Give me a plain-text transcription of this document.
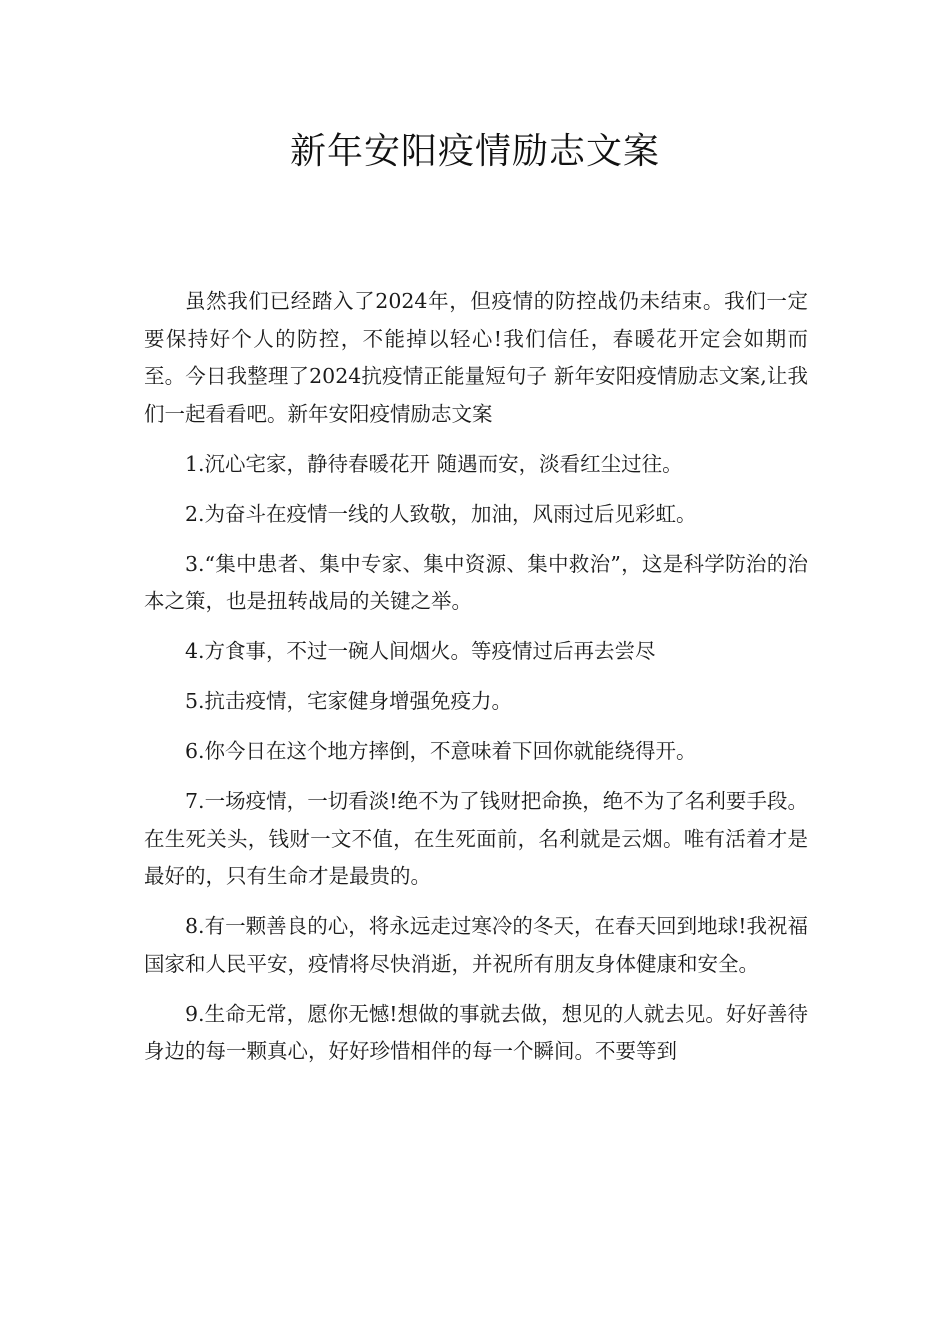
新年安阳疫情励志文案

虽然我们已经踏入了2024年，但疫情的防控战仍未结束。我们一定要保持好个人的防控，不能掉以轻心!我们信任，春暖花开定会如期而至。今日我整理了2024抗疫情正能量短句子 新年安阳疫情励志文案,让我们一起看看吧。新年安阳疫情励志文案

1.沉心宅家，静待春暖花开 随遇而安，淡看红尘过往。

2.为奋斗在疫情一线的人致敬，加油，风雨过后见彩虹。

3.“集中患者、集中专家、集中资源、集中救治”，这是科学防治的治本之策，也是扭转战局的关键之举。

4.方食事，不过一碗人间烟火。等疫情过后再去尝尽

5.抗击疫情，宅家健身增强免疫力。

6.你今日在这个地方摔倒，不意味着下回你就能绕得开。

7.一场疫情，一切看淡!绝不为了钱财把命换，绝不为了名利要手段。在生死关头，钱财一文不值，在生死面前，名利就是云烟。唯有活着才是最好的，只有生命才是最贵的。

8.有一颗善良的心，将永远走过寒冷的冬天，在春天回到地球!我祝福国家和人民平安，疫情将尽快消逝，并祝所有朋友身体健康和安全。

9.生命无常，愿你无憾!想做的事就去做，想见的人就去见。好好善待身边的每一颗真心，好好珍惜相伴的每一个瞬间。不要等到
